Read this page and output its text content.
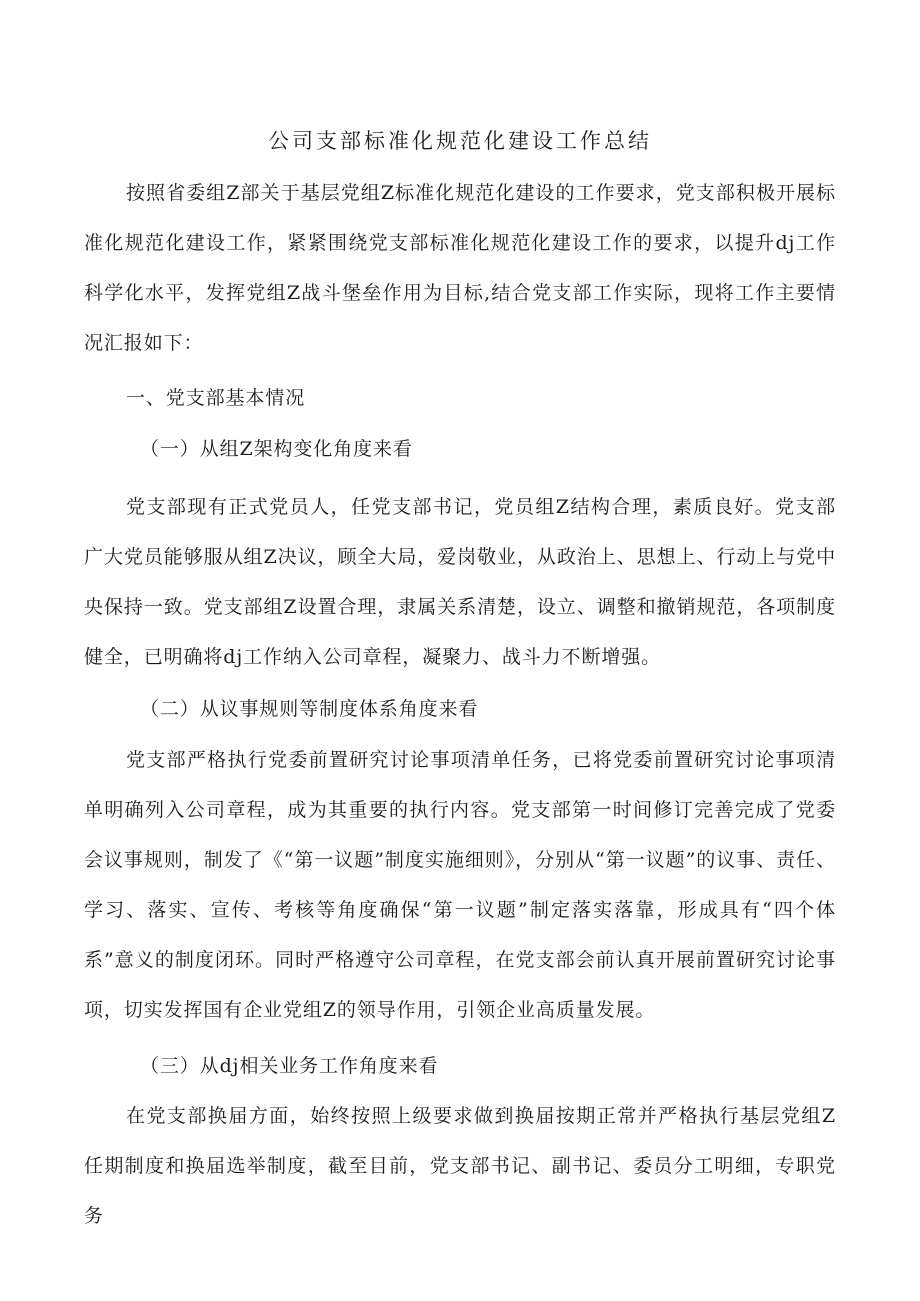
公司支部标准化规范化建设工作总结

按照省委组Z部关于基层党组Z标准化规范化建设的工作要求，党支部积极开展标准化规范化建设工作，紧紧围绕党支部标准化规范化建设工作的要求，以提升dj工作科学化水平，发挥党组Z战斗堡垒作用为目标,结合党支部工作实际，现将工作主要情况汇报如下：

一、党支部基本情况

（一）从组Z架构变化角度来看

党支部现有正式党员人，任党支部书记，党员组Z结构合理，素质良好。党支部广大党员能够服从组Z决议，顾全大局，爱岗敬业，从政治上、思想上、行动上与党中央保持一致。党支部组Z设置合理，隶属关系清楚，设立、调整和撤销规范，各项制度健全，已明确将dj工作纳入公司章程，凝聚力、战斗力不断增强。

（二）从议事规则等制度体系角度来看

党支部严格执行党委前置研究讨论事项清单任务，已将党委前置研究讨论事项清单明确列入公司章程，成为其重要的执行内容。党支部第一时间修订完善完成了党委会议事规则，制发了《“第一议题”制度实施细则》，分别从“第一议题”的议事、责任、学习、落实、宣传、考核等角度确保“第一议题”制定落实落靠，形成具有“四个体系”意义的制度闭环。同时严格遵守公司章程，在党支部会前认真开展前置研究讨论事项，切实发挥国有企业党组Z的领导作用，引领企业高质量发展。

（三）从dj相关业务工作角度来看

在党支部换届方面，始终按照上级要求做到换届按期正常并严格执行基层党组Z任期制度和换届选举制度，截至目前，党支部书记、副书记、委员分工明细，专职党务
